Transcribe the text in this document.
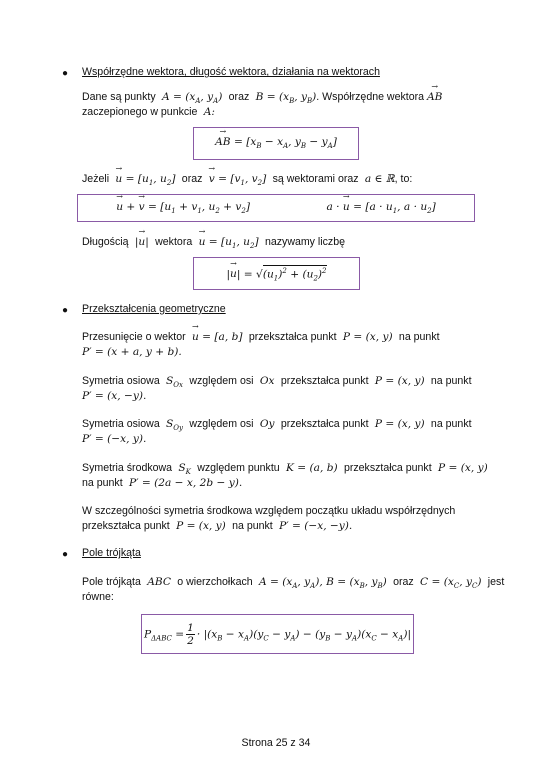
● Współrzędne wektora, długość wektora, działania na wektorach
Dane są punkty  $A = (x_A$, $y_A$)  oraz  $B = (x_B$, $y_B$). Współrzędne wektora → AB
zaczepionego w punkcie  A:
→ AB = [$x_B - x_A$, $y_B - y_A$]
Jeżeli → $u = [u_1$, $u_2$]  oraz → $v = [v_1$, $v_2$]  są wektorami oraz  a ∈ ℝ, to:
→ u + → $v = [u_1 + v_1$, $u_2 + v_2$]	a · → $u = [a \cdot u_1$, $a \cdot u_2$]
Długością  |→ u|  wektora → $u = [u_1$, $u_2$]  nazywamy liczbę
|→ $u| = √(u_1)^2 + (u_2)^2$
● Przekształcenia geometryczne
Przesunięcie o wektor → u = [a, b]  przekształca punkt  P = (x, y)  na punkt
P′ = (x + a, y + b).
Symetria osiowa  $S_{Ox}$ względem osi  Ox  przekształca punkt  P = (x, y)  na punkt
P′ = (x, −y).
Symetria osiowa  $S_{Oy}$ względem osi  Oy  przekształca punkt  P = (x, y)  na punkt
P′ = (−x, y).
Symetria środkowa  $S_K$ względem punktu  K = (a, b)  przekształca punkt  P = (x, y)
na punkt  P′ = (2a − x, 2b − y).
W szczególności symetria środkowa względem początku układu współrzędnych
przekształca punkt  P = (x, y)  na punkt  P′ = (−x, −y).
● Pole trójkąta
Pole trójkąta  ABC  o wierzchołkach  $A = (x_A$, $y_A$), $B = (x_B$, $y_B$)  oraz  $C = (x_C$, $y_C$)  jest
równe:
$P_{\Delta ABC} = \frac{1}{2} \cdot |(x_B - x_A)(y_C - y_A) - (y_B - y_A)(x_C - x_A)|$
Strona 25 z 34
